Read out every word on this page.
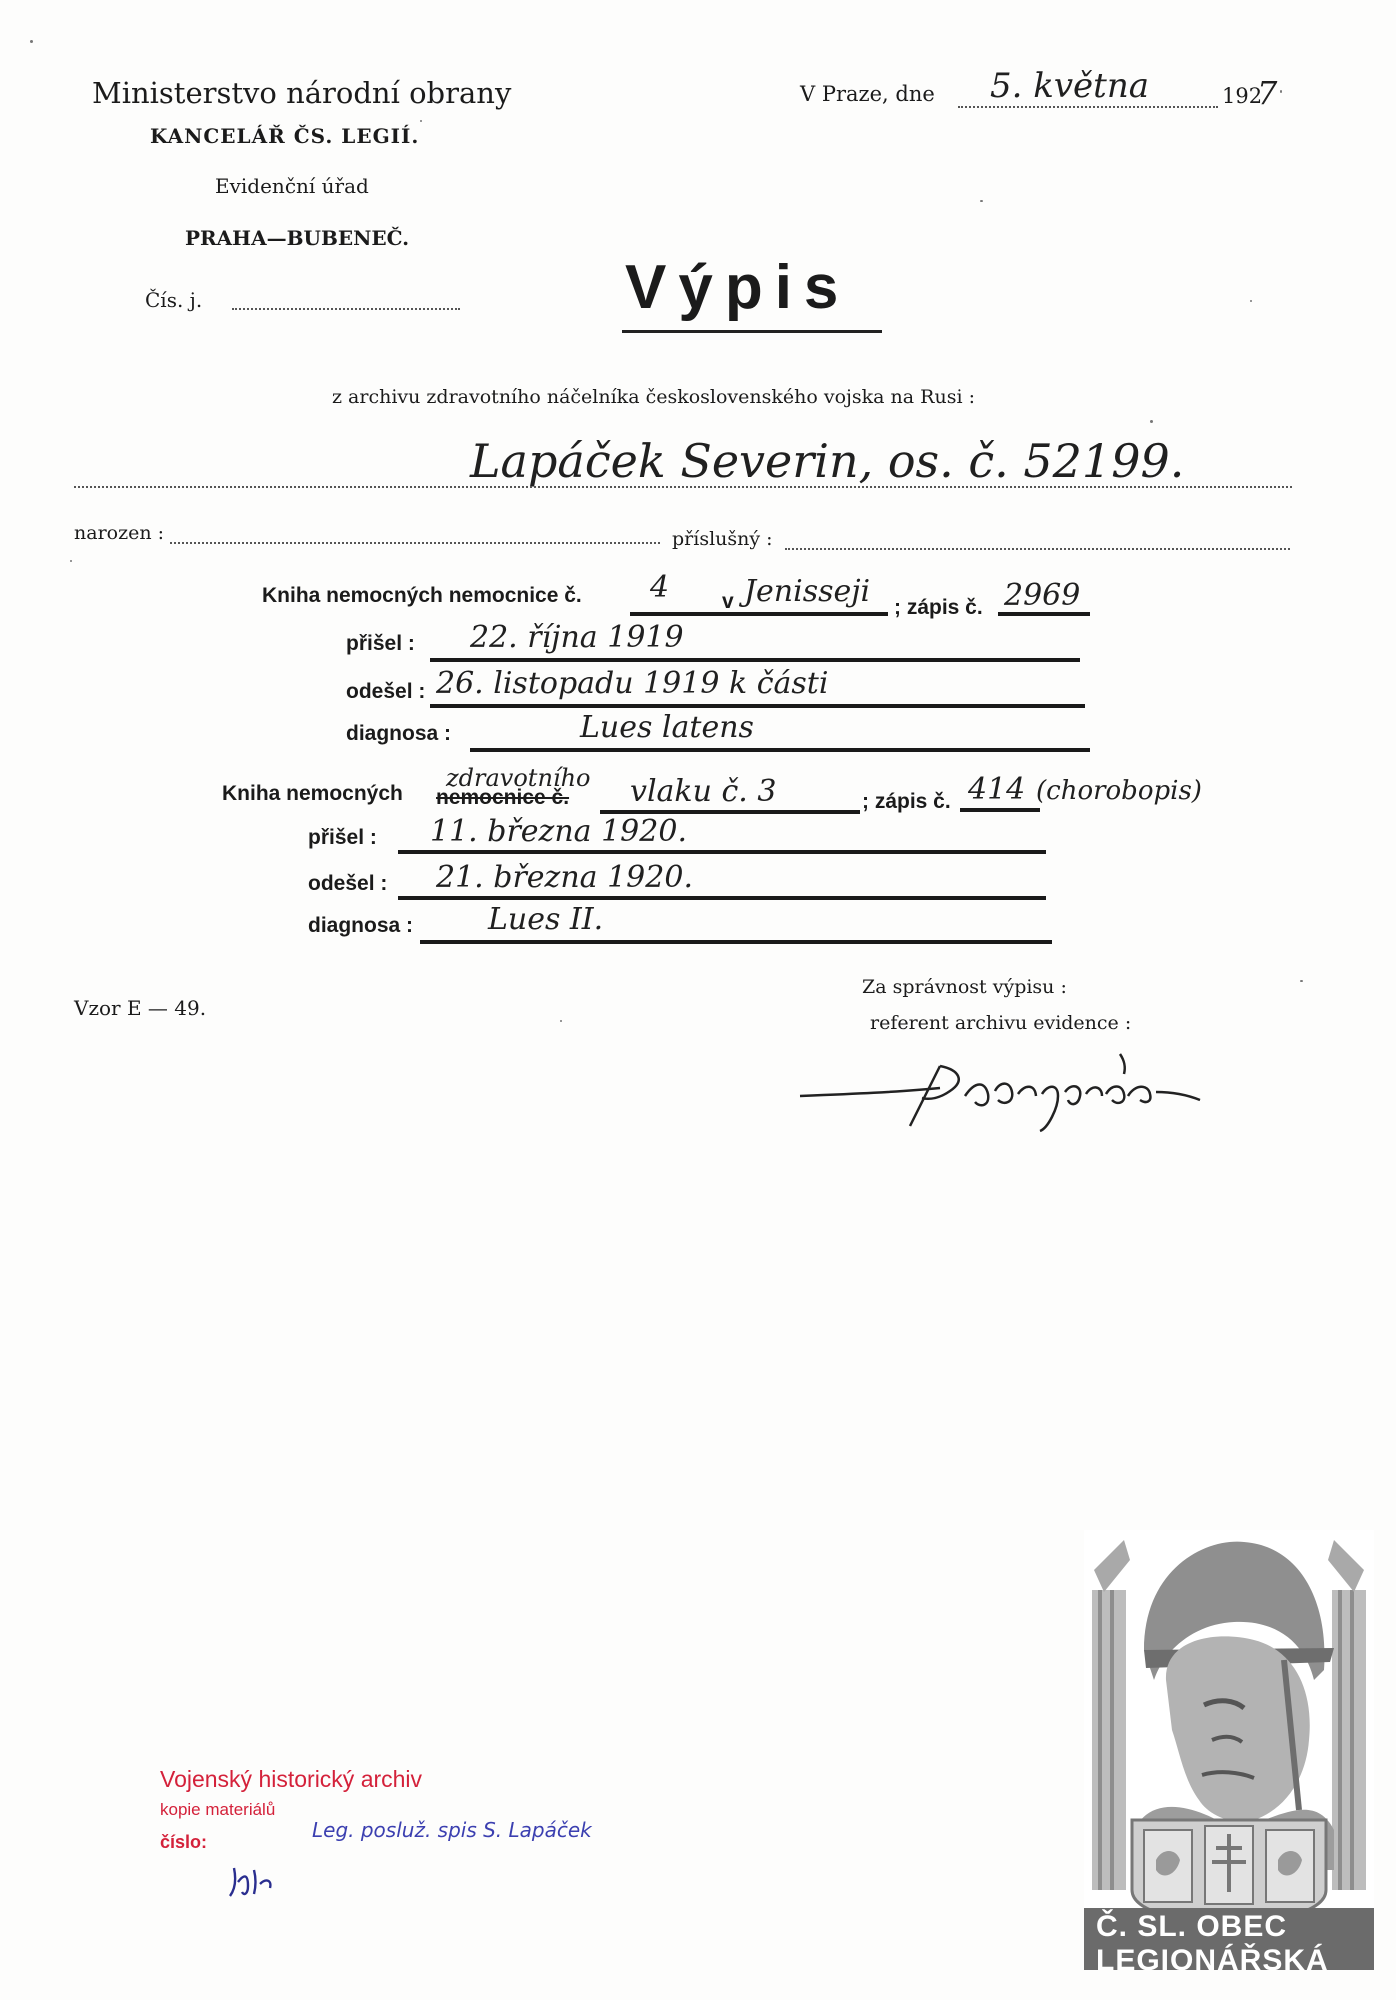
Ministerstvo národní obrany
KANCELÁŘ ČS. LEGIÍ.
Evidenční úřad
PRAHA—BUBENEČ.
Čís. j.
V Praze, dne 5. května	192
7
Výpis
z archivu zdravotního náčelníka československého vojska na Rusi :
Lapáček Severin, os. č. 52199.
narozen :	příslušný :
Kniha nemocných nemocnice č. 4	v Jenisseji ; zápis č. 2969
přišel : 22. října 1919
odešel : 26. listopadu 1919 k části
diagnosa :	Lues latens
zdravotního
Kniha nemocných nemocnice č. vlaku č. 3	; zápis č. 414 (chorobopis)
přišel : 11. března 1920.
odešel : 21. března 1920.
diagnosa : Lues II.
Vzor E — 49.
Za správnost výpisu :
referent archivu evidence :
Vojenský historický archiv
kopie materiálů
číslo:	Leg. posluž. spis S. Lapáček
Č. SL. OBEC
LEGIONÁŘSKÁ
